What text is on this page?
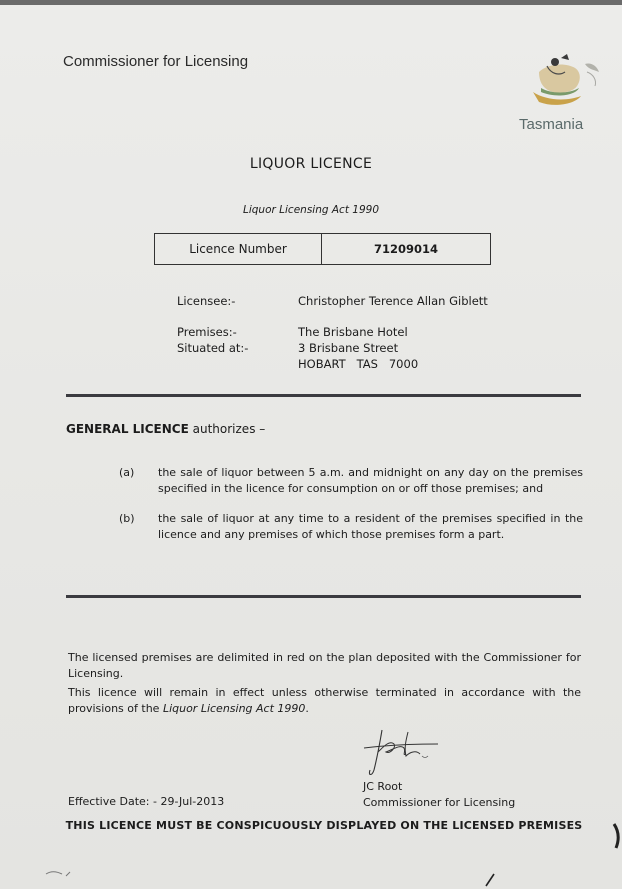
Commissioner for Licensing
Tasmania
LIQUOR LICENCE
Liquor Licensing Act 1990
Licence Number	71209014
Licensee:-	Christopher Terence Allan Giblett
Premises:-
Situated at:-
The Brisbane Hotel
3 Brisbane Street
HOBART   TAS   7000
GENERAL LICENCE authorizes –
(a) the sale of liquor between 5 a.m. and midnight on any day on the premises specified in the licence for consumption on or off those premises; and
(b) the sale of liquor at any time to a resident of the premises specified in the licence and any premises of which those premises form a part.
The licensed premises are delimited in red on the plan deposited with the Commissioner for Licensing.
This licence will remain in effect unless otherwise terminated in accordance with the provisions of the Liquor Licensing Act 1990.
JC Root
Commissioner for Licensing
Effective Date: - 29-Jul-2013
THIS LICENCE MUST BE CONSPICUOUSLY DISPLAYED ON THE LICENSED PREMISES
